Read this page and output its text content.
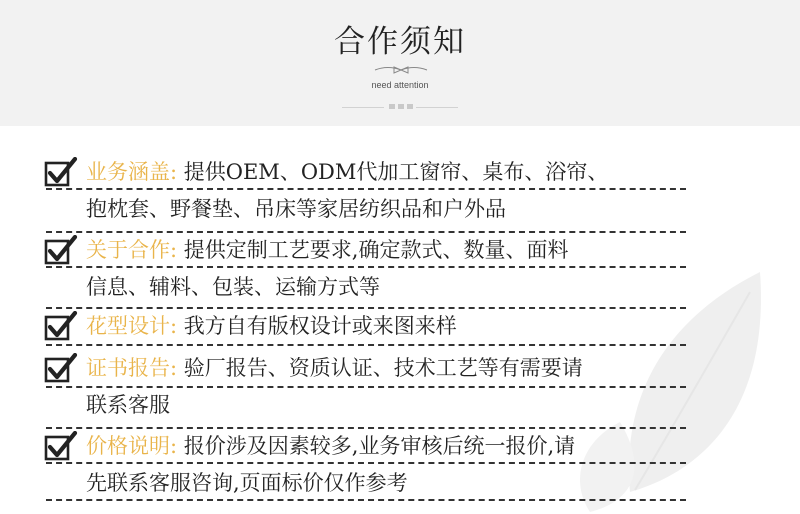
合作须知
need attention
业务涵盖: 提供OEM、ODM代加工窗帘、桌布、浴帘、
抱枕套、野餐垫、吊床等家居纺织品和户外品
关于合作: 提供定制工艺要求,确定款式、数量、面料
信息、辅料、包装、运输方式等
花型设计: 我方自有版权设计或来图来样
证书报告: 验厂报告、资质认证、技术工艺等有需要请
联系客服
价格说明: 报价涉及因素较多,业务审核后统一报价,请
先联系客服咨询,页面标价仅作参考
